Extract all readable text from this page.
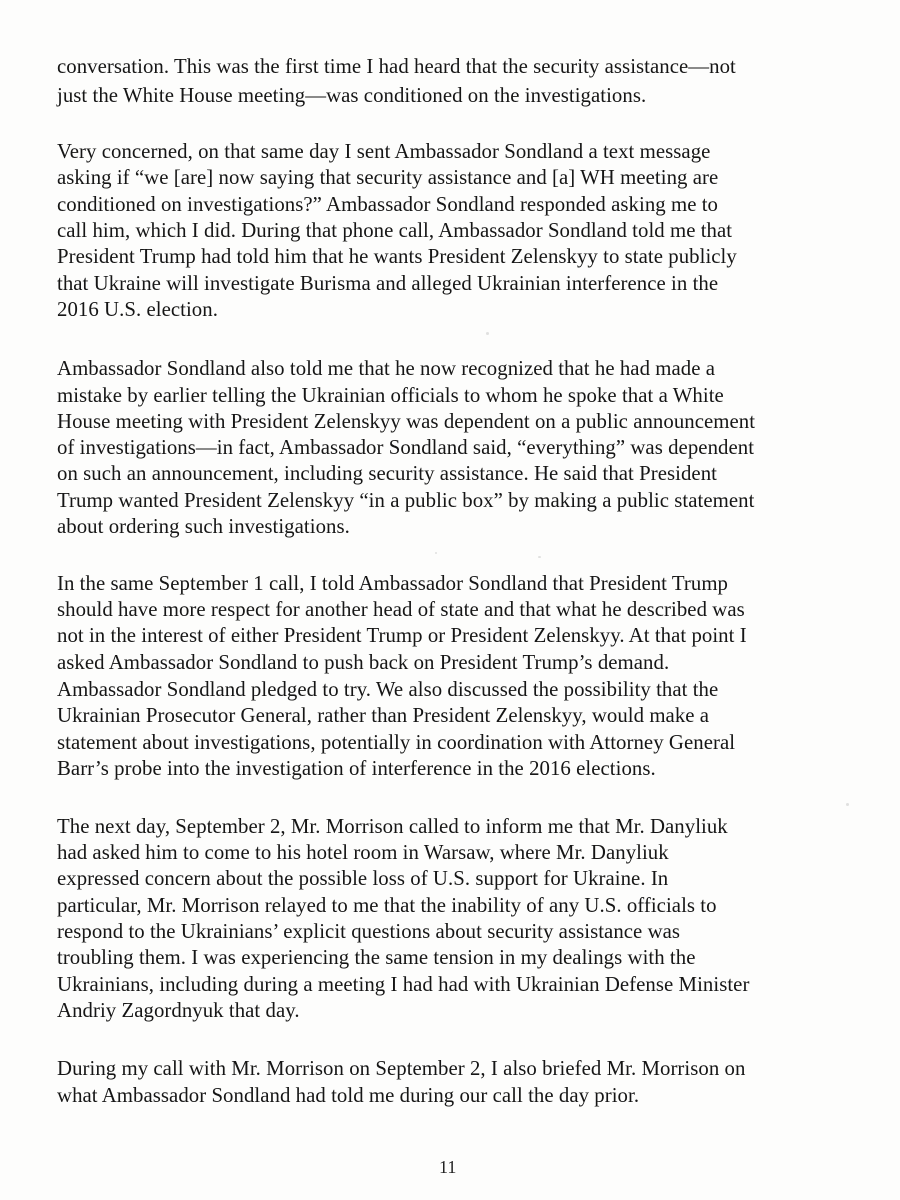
conversation. This was the first time I had heard that the security assistance—not

just the White House meeting—was conditioned on the investigations.

Very concerned, on that same day I sent Ambassador Sondland a text message

asking if “we [are] now saying that security assistance and [a] WH meeting are

conditioned on investigations?” Ambassador Sondland responded asking me to

call him, which I did. During that phone call, Ambassador Sondland told me that

President Trump had told him that he wants President Zelenskyy to state publicly

that Ukraine will investigate Burisma and alleged Ukrainian interference in the

2016 U.S. election.

Ambassador Sondland also told me that he now recognized that he had made a

mistake by earlier telling the Ukrainian officials to whom he spoke that a White

House meeting with President Zelenskyy was dependent on a public announcement

of investigations—in fact, Ambassador Sondland said, “everything” was dependent

on such an announcement, including security assistance. He said that President

Trump wanted President Zelenskyy “in a public box” by making a public statement

about ordering such investigations.

In the same September 1 call, I told Ambassador Sondland that President Trump

should have more respect for another head of state and that what he described was

not in the interest of either President Trump or President Zelenskyy. At that point I

asked Ambassador Sondland to push back on President Trump’s demand.

Ambassador Sondland pledged to try. We also discussed the possibility that the

Ukrainian Prosecutor General, rather than President Zelenskyy, would make a

statement about investigations, potentially in coordination with Attorney General

Barr’s probe into the investigation of interference in the 2016 elections.

The next day, September 2, Mr. Morrison called to inform me that Mr. Danyliuk

had asked him to come to his hotel room in Warsaw, where Mr. Danyliuk

expressed concern about the possible loss of U.S. support for Ukraine. In

particular, Mr. Morrison relayed to me that the inability of any U.S. officials to

respond to the Ukrainians’ explicit questions about security assistance was

troubling them. I was experiencing the same tension in my dealings with the

Ukrainians, including during a meeting I had had with Ukrainian Defense Minister

Andriy Zagordnyuk that day.

During my call with Mr. Morrison on September 2, I also briefed Mr. Morrison on

what Ambassador Sondland had told me during our call the day prior.

11
